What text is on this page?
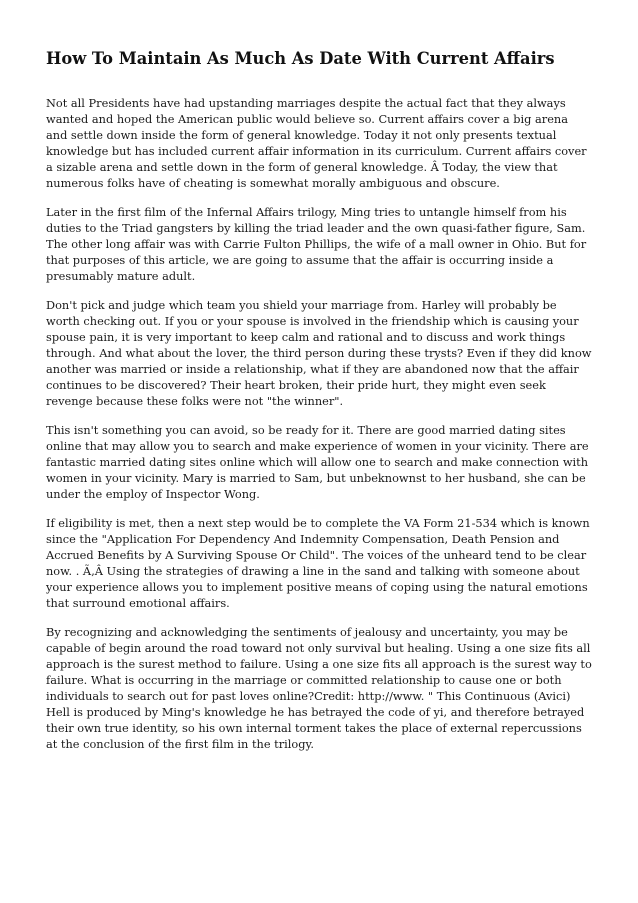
How To Maintain As Much As Date With Current Affairs

Not all Presidents have had upstanding marriages despite the actual fact that they always wanted and hoped the American public would believe so. Current affairs cover a big arena and settle down inside the form of general knowledge. Today it not only presents textual knowledge but has included current affair information in its curriculum. Current affairs cover a sizable arena and settle down in the form of general knowledge. Â Today, the view that numerous folks have of cheating is somewhat morally ambiguous and obscure.

Later in the first film of the Infernal Affairs trilogy, Ming tries to untangle himself from his duties to the Triad gangsters by killing the triad leader and the own quasi-father figure, Sam. The other long affair was with Carrie Fulton Phillips, the wife of a mall owner in Ohio. But for that purposes of this article, we are going to assume that the affair is occurring inside a presumably mature adult.

Don't pick and judge which team you shield your marriage from. Harley will probably be worth checking out. If you or your spouse is involved in the friendship which is causing your spouse pain, it is very important to keep calm and rational and to discuss and work things through. And what about the lover, the third person during these trysts? Even if they did know another was married or inside a relationship, what if they are abandoned now that the affair continues to be discovered? Their heart broken, their pride hurt, they might even seek revenge because these folks were not "the winner".

This isn't something you can avoid, so be ready for it. There are good married dating sites online that may allow you to search and make experience of women in your vicinity. There are fantastic married dating sites online which will allow one to search and make connection with women in your vicinity. Mary is married to Sam, but unbeknownst to her husband, she can be under the employ of Inspector Wong.

If eligibility is met, then a next step would be to complete the VA Form 21-534 which is known since the "Application For Dependency And Indemnity Compensation, Death Pension and Accrued Benefits by A Surviving Spouse Or Child". The voices of the unheard tend to be clear now. . Ã‚Â Using the strategies of drawing a line in the sand and talking with someone about your experience allows you to implement positive means of coping using the natural emotions that surround emotional affairs.

By recognizing and acknowledging the sentiments of jealousy and uncertainty, you may be capable of begin around the road toward not only survival but healing. Using a one size fits all approach is the surest method to failure. Using a one size fits all approach is the surest way to failure. What is occurring in the marriage or committed relationship to cause one or both individuals to search out for past loves online?Credit: http://www. " This Continuous (Avici) Hell is produced by Ming's knowledge he has betrayed the code of yi, and therefore betrayed their own true identity, so his own internal torment takes the place of external repercussions at the conclusion of the first film in the trilogy.
